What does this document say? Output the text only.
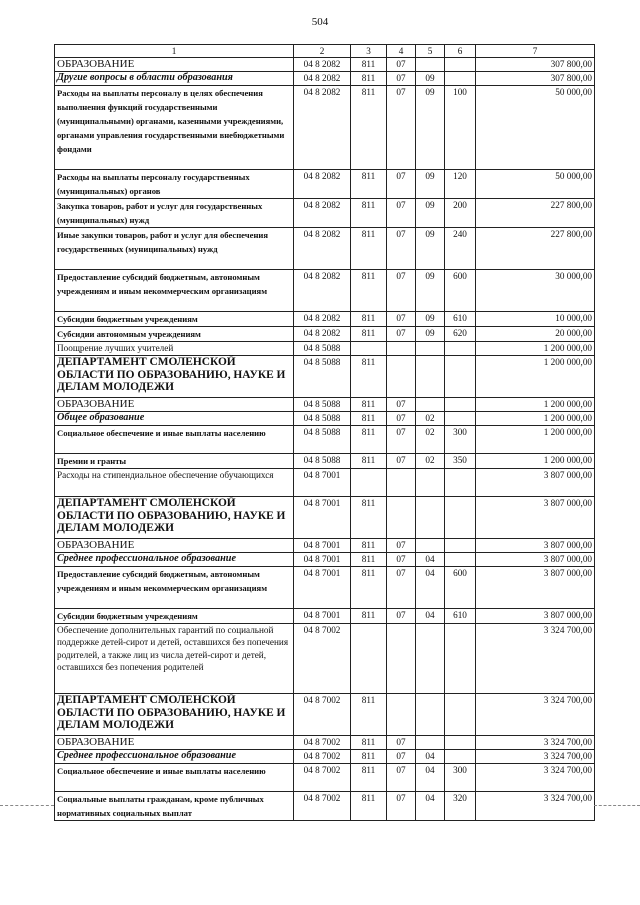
504
1	2	3	4	5	6	7
ОБРАЗОВАНИЕ	04 8 2082	811	07			307 800,00
Другие вопросы в области образования	04 8 2082	811	07	09		307 800,00
Расходы на выплаты персоналу в целях обеспечения выполнения функций государственными (муниципальными) органами, казенными учреждениями, органами управления государственными внебюджетными фондами	04 8 2082	811	07	09	100	50 000,00
Расходы на выплаты персоналу государственных (муниципальных) органов	04 8 2082	811	07	09	120	50 000,00
Закупка товаров, работ и услуг для государственных (муниципальных) нужд	04 8 2082	811	07	09	200	227 800,00
Иные закупки товаров, работ и услуг для обеспечения государственных (муниципальных) нужд	04 8 2082	811	07	09	240	227 800,00
Предоставление субсидий бюджетным, автономным учреждениям и иным некоммерческим организациям	04 8 2082	811	07	09	600	30 000,00
Субсидии бюджетным учреждениям	04 8 2082	811	07	09	610	10 000,00
Субсидии автономным учреждениям	04 8 2082	811	07	09	620	20 000,00
Поощрение лучших учителей	04 8 5088					1 200 000,00
ДЕПАРТАМЕНТ СМОЛЕНСКОЙ ОБЛАСТИ ПО ОБРАЗОВАНИЮ, НАУКЕ И ДЕЛАМ МОЛОДЕЖИ	04 8 5088	811				1 200 000,00
ОБРАЗОВАНИЕ	04 8 5088	811	07			1 200 000,00
Общее образование	04 8 5088	811	07	02		1 200 000,00
Социальное обеспечение и иные выплаты населению	04 8 5088	811	07	02	300	1 200 000,00
Премии и гранты	04 8 5088	811	07	02	350	1 200 000,00
Расходы на стипендиальное обеспечение обучающихся	04 8 7001					3 807 000,00
ДЕПАРТАМЕНТ СМОЛЕНСКОЙ ОБЛАСТИ ПО ОБРАЗОВАНИЮ, НАУКЕ И ДЕЛАМ МОЛОДЕЖИ	04 8 7001	811				3 807 000,00
ОБРАЗОВАНИЕ	04 8 7001	811	07			3 807 000,00
Среднее профессиональное образование	04 8 7001	811	07	04		3 807 000,00
Предоставление субсидий бюджетным, автономным учреждениям и иным некоммерческим организациям	04 8 7001	811	07	04	600	3 807 000,00
Субсидии бюджетным учреждениям	04 8 7001	811	07	04	610	3 807 000,00
Обеспечение дополнительных гарантий по социальной поддержке детей-сирот и детей, оставшихся без попечения родителей, а также лиц из числа детей-сирот и детей, оставшихся без попечения родителей	04 8 7002					3 324 700,00
ДЕПАРТАМЕНТ СМОЛЕНСКОЙ ОБЛАСТИ ПО ОБРАЗОВАНИЮ, НАУКЕ И ДЕЛАМ МОЛОДЕЖИ	04 8 7002	811				3 324 700,00
ОБРАЗОВАНИЕ	04 8 7002	811	07			3 324 700,00
Среднее профессиональное образование	04 8 7002	811	07	04		3 324 700,00
Социальное обеспечение и иные выплаты населению	04 8 7002	811	07	04	300	3 324 700,00
Социальные выплаты гражданам, кроме публичных нормативных социальных выплат	04 8 7002	811	07	04	320	3 324 700,00
